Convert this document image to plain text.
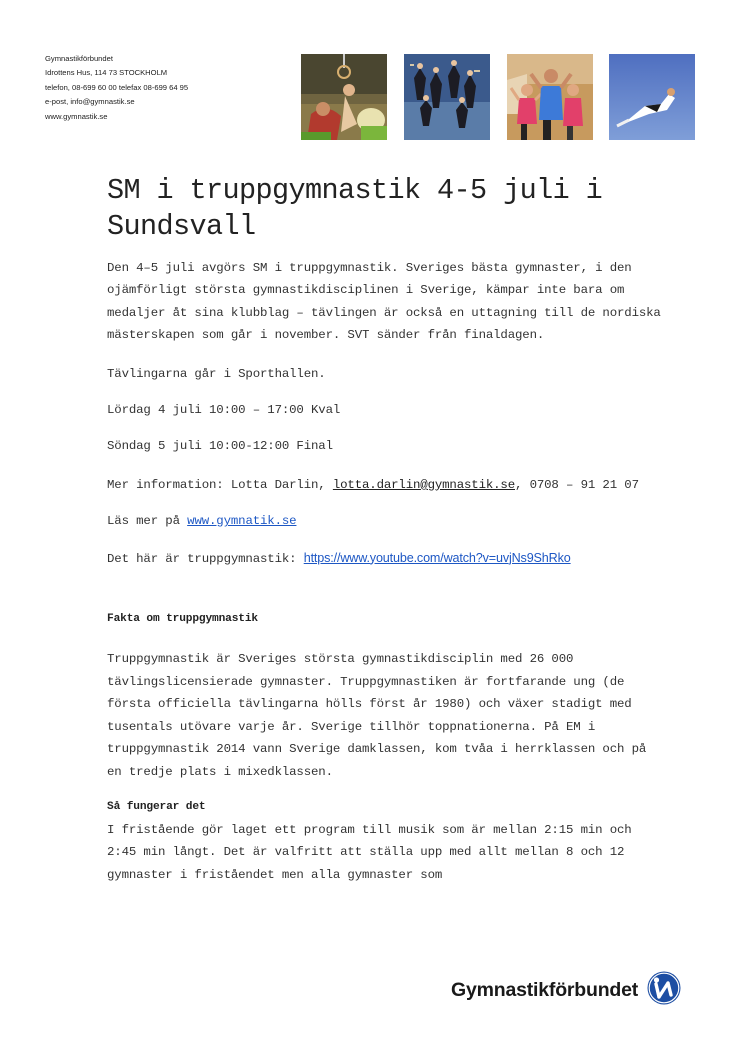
Gymnastikförbundet
Idrottens Hus, 114 73 STOCKHOLM
telefon, 08-699 60 00 telefax 08-699 64 95
e-post, info@gymnastik.se
www.gymnastik.se
SM i truppgymnastik 4-5 juli i Sundsvall

Den 4–5 juli avgörs SM i truppgymnastik. Sveriges bästa gymnaster, i den ojämförligt största gymnastikdisciplinen i Sverige, kämpar inte bara om medaljer åt sina klubblag – tävlingen är också en uttagning till de nordiska mästerskapen som går i november. SVT sänder från finaldagen.

Tävlingarna går i Sporthallen.

Lördag 4 juli 10:00 – 17:00 Kval

Söndag 5 juli 10:00-12:00 Final

Mer information: Lotta Darlin, lotta.darlin@gymnastik.se, 0708 – 91 21 07

Läs mer på www.gymnatik.se

Det här är truppgymnastik: https://www.youtube.com/watch?v=uvjNs9ShRko

Fakta om truppgymnastik

Truppgymnastik är Sveriges största gymnastikdisciplin med 26 000 tävlingslicensierade gymnaster. Truppgymnastiken är fortfarande ung (de första officiella tävlingarna hölls först år 1980) och växer stadigt med tusentals utövare varje år. Sverige tillhör toppnationerna. På EM i truppgymnastik 2014 vann Sverige damklassen, kom tvåa i herrklassen och på en tredje plats i mixedklassen.

Så fungerar det

I fristående gör laget ett program till musik som är mellan 2:15 min och 2:45 min långt. Det är valfritt att ställa upp med allt mellan 8 och 12 gymnaster i friståendet men alla gymnaster som

Gymnastikförbundet
